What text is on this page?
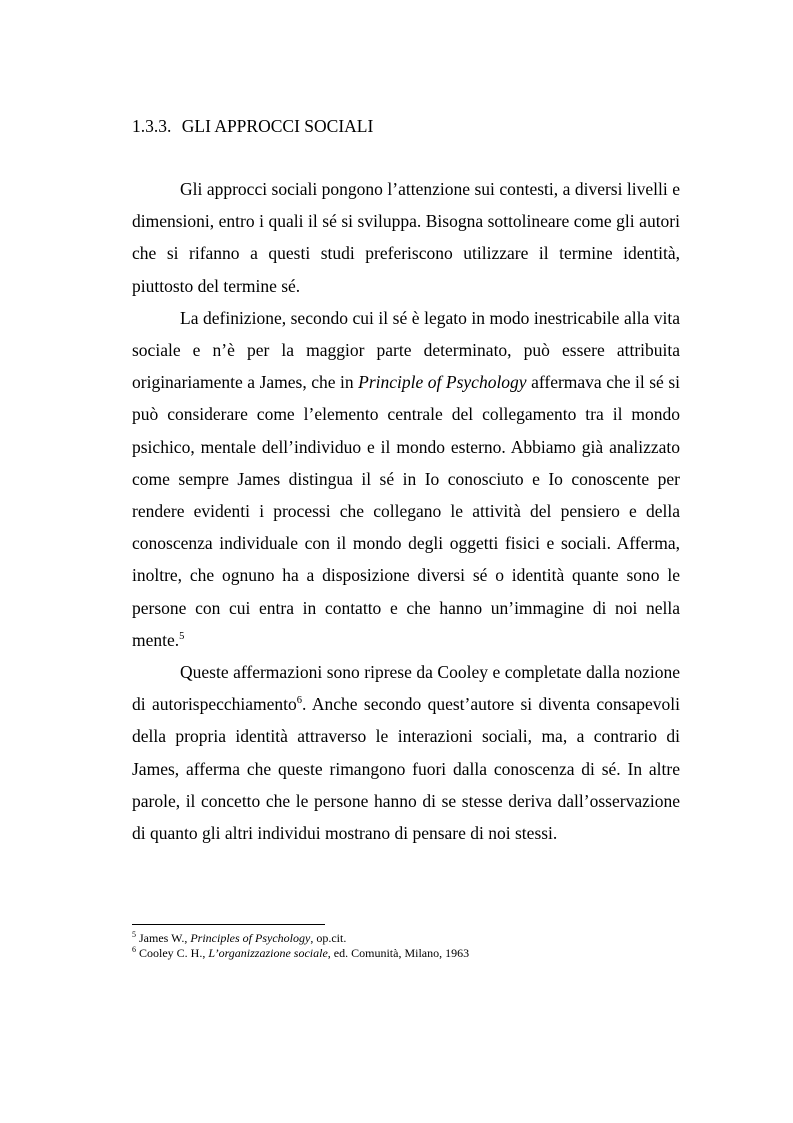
1.3.3. GLI APPROCCI SOCIALI

Gli approcci sociali pongono l’attenzione sui contesti, a diversi livelli e dimensioni, entro i quali il sé si sviluppa. Bisogna sottolineare come gli autori che si rifanno a questi studi preferiscono utilizzare il termine identità, piuttosto del termine sé.

La definizione, secondo cui il sé è legato in modo inestricabile alla vita sociale e n’è per la maggior parte determinato, può essere attribuita originariamente a James, che in Principle of Psychology affermava che il sé si può considerare come l’elemento centrale del collegamento tra il mondo psichico, mentale dell’individuo e il mondo esterno. Abbiamo già analizzato come sempre James distingua il sé in Io conosciuto e Io conoscente per rendere evidenti i processi che collegano le attività del pensiero e della conoscenza individuale con il mondo degli oggetti fisici e sociali. Afferma, inoltre, che ognuno ha a disposizione diversi sé o identità quante sono le persone con cui entra in contatto e che hanno un’immagine di noi nella mente.$^5$

Queste affermazioni sono riprese da Cooley e completate dalla nozione di autorispecchiamento$^6$. Anche secondo quest’autore si diventa consapevoli della propria identità attraverso le interazioni sociali, ma, a contrario di James, afferma che queste rimangono fuori dalla conoscenza di sé. In altre parole, il concetto che le persone hanno di se stesse deriva dall’osservazione di quanto gli altri individui mostrano di pensare di noi stessi.

$^5$ James W., Principles of Psychology, op.cit.
$^6$ Cooley C. H., L’organizzazione sociale, ed. Comunità, Milano, 1963
